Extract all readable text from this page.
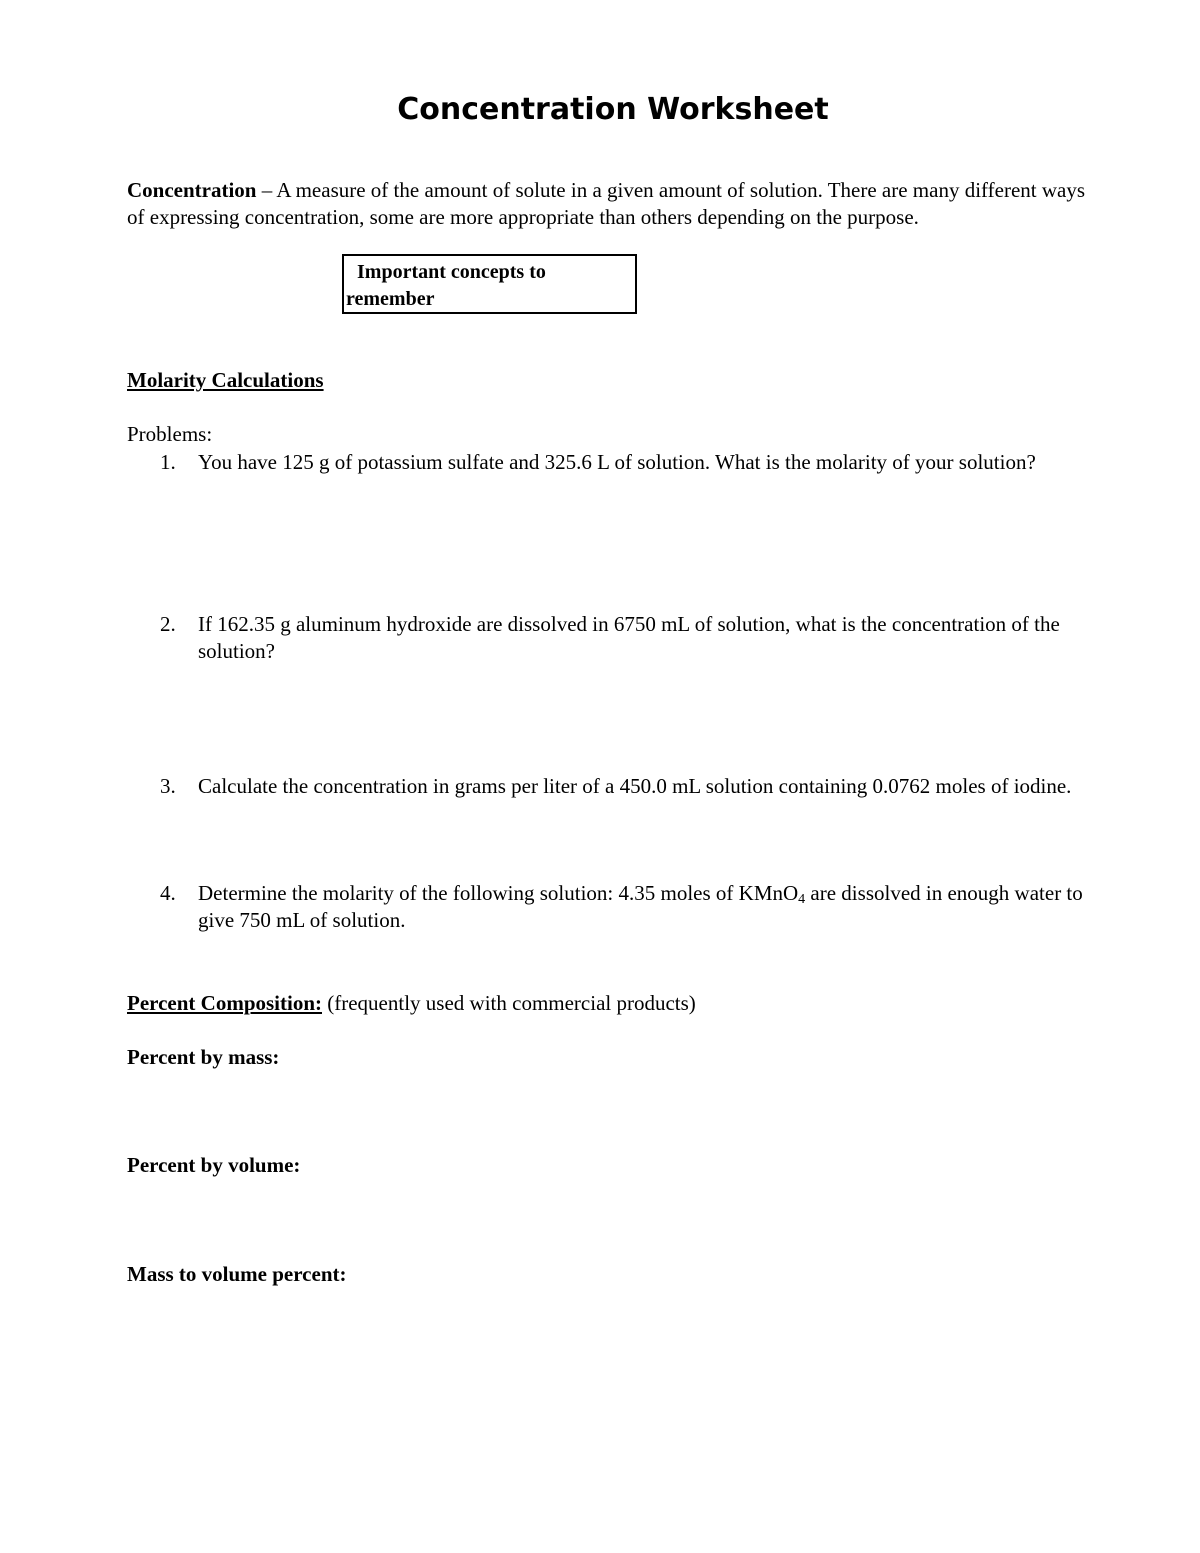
Concentration Worksheet
Concentration – A measure of the amount of solute in a given amount of solution. There are many different ways of expressing concentration, some are more appropriate than others depending on the purpose.
Important concepts to remember
Molarity Calculations
Problems:
1.	You have 125 g of potassium sulfate and 325.6 L of solution. What is the molarity of your solution?
2.	If 162.35 g aluminum hydroxide are dissolved in 6750 mL of solution, what is the concentration of the solution?
3.	Calculate the concentration in grams per liter of a 450.0 mL solution containing 0.0762 moles of iodine.
4.	Determine the molarity of the following solution: 4.35 moles of KMnO$_4$ are dissolved in enough water to give 750 mL of solution.
Percent Composition: (frequently used with commercial products)
Percent by mass:
Percent by volume:
Mass to volume percent:
